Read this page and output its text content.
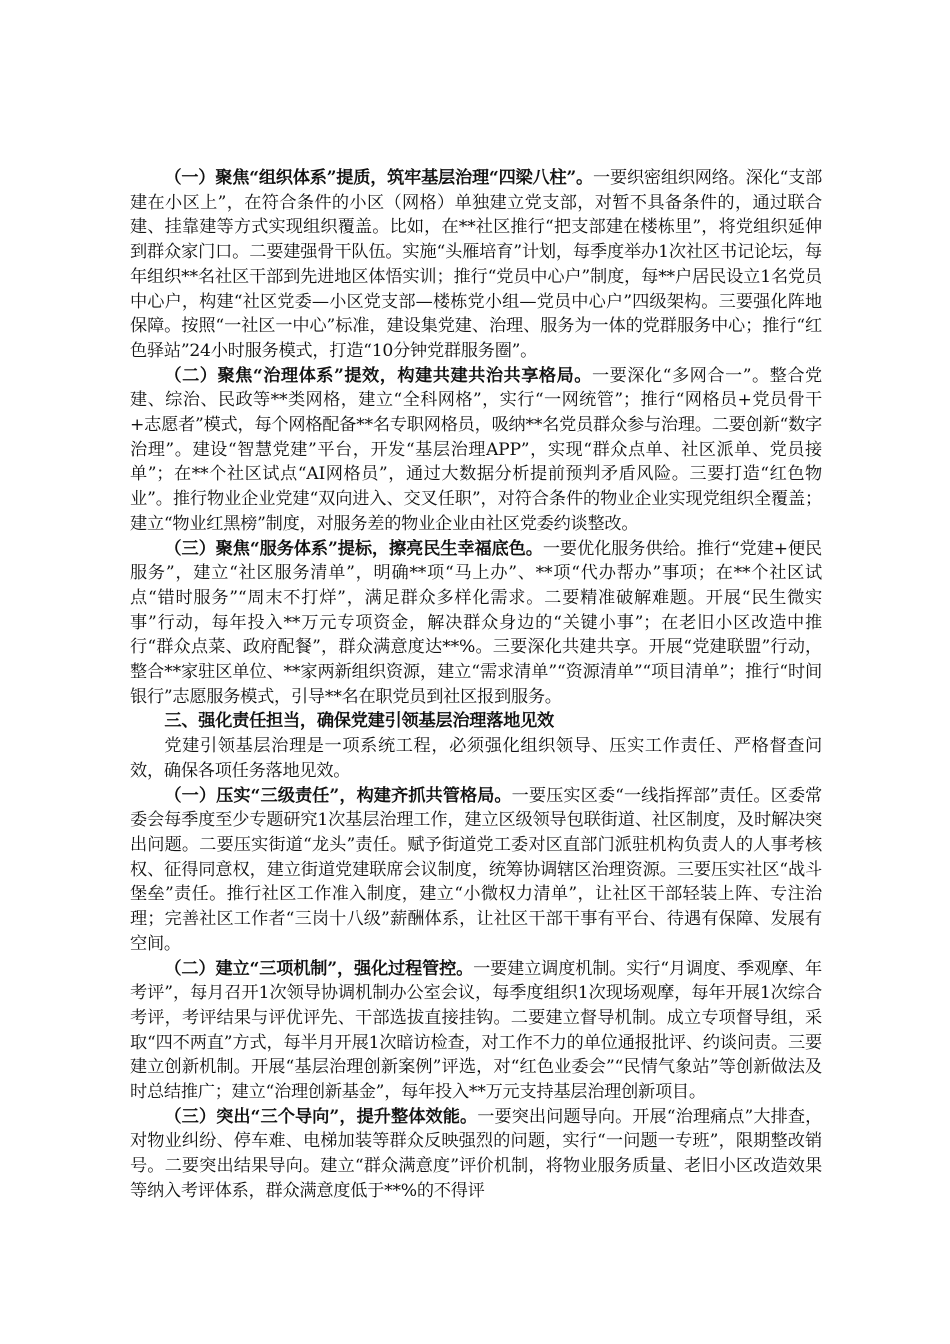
（一）聚焦“组织体系”提质，筑牢基层治理“四梁八柱”。一要织密组织网络。深化“支部建在小区上”，在符合条件的小区（网格）单独建立党支部，对暂不具备条件的，通过联合建、挂靠建等方式实现组织覆盖。比如，在**社区推行“把支部建在楼栋里”，将党组织延伸到群众家门口。二要建强骨干队伍。实施“头雁培育”计划，每季度举办1次社区书记论坛，每年组织**名社区干部到先进地区体悟实训；推行“党员中心户”制度，每**户居民设立1名党员中心户，构建“社区党委—小区党支部—楼栋党小组—党员中心户”四级架构。三要强化阵地保障。按照“一社区一中心”标准，建设集党建、治理、服务为一体的党群服务中心；推行“红色驿站”24小时服务模式，打造“10分钟党群服务圈”。

（二）聚焦“治理体系”提效，构建共建共治共享格局。一要深化“多网合一”。整合党建、综治、民政等**类网格，建立“全科网格”，实行“一网统管”；推行“网格员+党员骨干+志愿者”模式，每个网格配备**名专职网格员，吸纳**名党员群众参与治理。二要创新“数字治理”。建设“智慧党建”平台，开发“基层治理APP”，实现“群众点单、社区派单、党员接单”；在**个社区试点“AI网格员”，通过大数据分析提前预判矛盾风险。三要打造“红色物业”。推行物业企业党建“双向进入、交叉任职”，对符合条件的物业企业实现党组织全覆盖；建立“物业红黑榜”制度，对服务差的物业企业由社区党委约谈整改。

（三）聚焦“服务体系”提标，擦亮民生幸福底色。一要优化服务供给。推行“党建+便民服务”，建立“社区服务清单”，明确**项“马上办”、**项“代办帮办”事项；在**个社区试点“错时服务”“周末不打烊”，满足群众多样化需求。二要精准破解难题。开展“民生微实事”行动，每年投入**万元专项资金，解决群众身边的“关键小事”；在老旧小区改造中推行“群众点菜、政府配餐”，群众满意度达**%。三要深化共建共享。开展“党建联盟”行动，整合**家驻区单位、**家两新组织资源，建立“需求清单”“资源清单”“项目清单”；推行“时间银行”志愿服务模式，引导**名在职党员到社区报到服务。

三、强化责任担当，确保党建引领基层治理落地见效

党建引领基层治理是一项系统工程，必须强化组织领导、压实工作责任、严格督查问效，确保各项任务落地见效。

（一）压实“三级责任”，构建齐抓共管格局。一要压实区委“一线指挥部”责任。区委常委会每季度至少专题研究1次基层治理工作，建立区级领导包联街道、社区制度，及时解决突出问题。二要压实街道“龙头”责任。赋予街道党工委对区直部门派驻机构负责人的人事考核权、征得同意权，建立街道党建联席会议制度，统筹协调辖区治理资源。三要压实社区“战斗堡垒”责任。推行社区工作准入制度，建立“小微权力清单”，让社区干部轻装上阵、专注治理；完善社区工作者“三岗十八级”薪酬体系，让社区干部干事有平台、待遇有保障、发展有空间。

（二）建立“三项机制”，强化过程管控。一要建立调度机制。实行“月调度、季观摩、年考评”，每月召开1次领导协调机制办公室会议，每季度组织1次现场观摩，每年开展1次综合考评，考评结果与评优评先、干部选拔直接挂钩。二要建立督导机制。成立专项督导组，采取“四不两直”方式，每半月开展1次暗访检查，对工作不力的单位通报批评、约谈问责。三要建立创新机制。开展“基层治理创新案例”评选，对“红色业委会”“民情气象站”等创新做法及时总结推广；建立“治理创新基金”，每年投入**万元支持基层治理创新项目。

（三）突出“三个导向”，提升整体效能。一要突出问题导向。开展“治理痛点”大排查，对物业纠纷、停车难、电梯加装等群众反映强烈的问题，实行“一问题一专班”，限期整改销号。二要突出结果导向。建立“群众满意度”评价机制，将物业服务质量、老旧小区改造效果等纳入考评体系，群众满意度低于**%的不得评
